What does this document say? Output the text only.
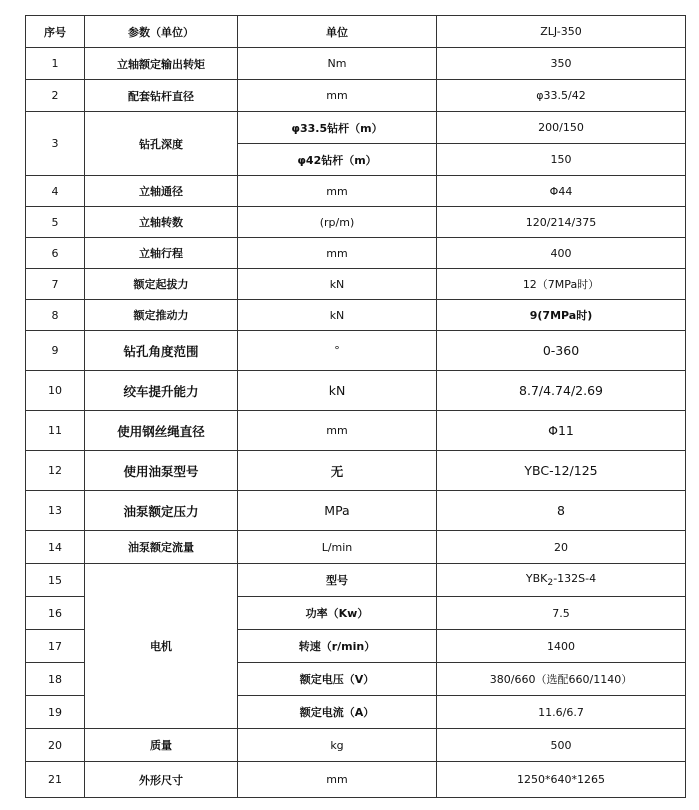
序号	参数（单位）	单位	ZLJ-350
1	立轴额定输出转矩	Nm	350
2	配套钻杆直径	mm	φ33.5/42
3	钻孔深度	φ33.5钻杆（m）	200/150
		φ42钻杆（m）	150
4	立轴通径	mm	Φ44
5	立轴转数	(rp/m)	120/214/375
6	立轴行程	mm	400
7	额定起拔力	kN	12（7MPa时）
8	额定推动力	kN	9(7MPa时)
9	钻孔角度范围	°	0-360
10	绞车提升能力	kN	8.7/4.74/2.69
11	使用钢丝绳直径	mm	Φ11
12	使用油泵型号	无	YBC-12/125
13	油泵额定压力	MPa	8
14	油泵额定流量	L/min	20
15	电机	型号	$YBK_2-132S-4$
16		功率（Kw）	7.5
17		转速（r/min）	1400
18		额定电压（V）	380/660（选配660/1140）
19		额定电流（A）	11.6/6.7
20	质量	kg	500
21	外形尺寸	mm	1250*640*1265
